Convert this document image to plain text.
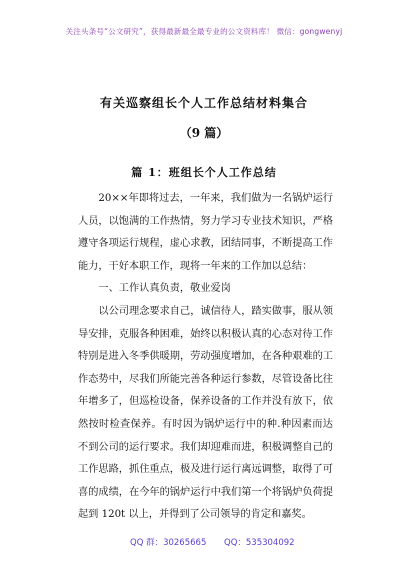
关注头条号“公文研究”，获得最新最全最专业的公文资料库！ 微信：gongwenyj
有关巡察组长个人工作总结材料集合
（9 篇）
篇 1：班组长个人工作总结

20××年即将过去，一年来，我们做为一名锅炉运行人员，以饱满的工作热情，努力学习专业技术知识，严格遵守各项运行规程，虚心求教，团结同事，不断提高工作能力，干好本职工作，现将一年来的工作加以总结：

一、工作认真负责，敬业爱岗

以公司理念要求自己，诚信待人，踏实做事，服从领导安排，克服各种困难，始终以积极认真的心态对待工作特别是进入冬季供暖期，劳动强度增加，在各种艰难的工作态势中，尽我们所能完善各种运行参数，尽管设备比往年增多了，但巡检设备，保养设备的工作并没有放下，依然按时检查保养。有时因为锅炉运行中的种.种因素而达不到公司的运行要求。我们却迎难而进，积极调整自己的工作思路，抓住重点，极及进行运行离远调整，取得了可喜的成绩，在今年的锅炉运行中我们第一个将锅炉负荷提起到 120t 以上，并得到了公司领导的肯定和嘉奖。

QQ 群：30265665 QQ：535304092
